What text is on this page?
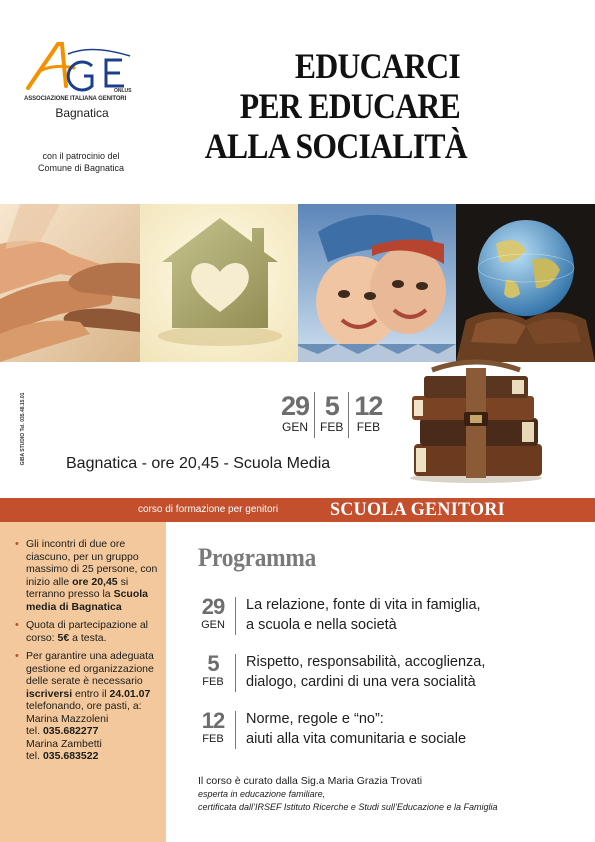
ONLUS
ASSOCIAZIONE ITALIANA GENITORI
Bagnatica
con il patrocinio del
Comune di Bagnatica
EDUCARCI
PER EDUCARE
ALLA SOCIALITÀ
GIBA STUDIO Tel. 035.48.15.01	29
GEN
5
FEB
12
FEB
Bagnatica - ore 20,45 - Scuola Media
corso di formazione per genitori	SCUOLA GENITORI
• Gli incontri di due ore ciascuno, per un gruppo massimo di 25 persone, con inizio alle ore 20,45 si terranno presso la Scuola media di Bagnatica
• Quota di partecipazione al corso: 5€ a testa.
• Per garantire una adeguata gestione ed organizzazione delle serate è necessario iscriversi entro il 24.01.07 telefonando, ore pasti, a:
Marina Mazzoleni
tel. 035.682277
Marina Zambetti
tel. 035.683522
Programma
29
GEN
La relazione, fonte di vita in famiglia,
a scuola e nella società
5
FEB
Rispetto, responsabilità, accoglienza,
dialogo, cardini di una vera socialità
12
FEB
Norme, regole e “no”:
aiuti alla vita comunitaria e sociale
Il corso è curato dalla Sig.a Maria Grazia Trovati
esperta in educazione familiare,
certificata dall’IRSEF Istituto Ricerche e Studi sull’Educazione e la Famiglia
